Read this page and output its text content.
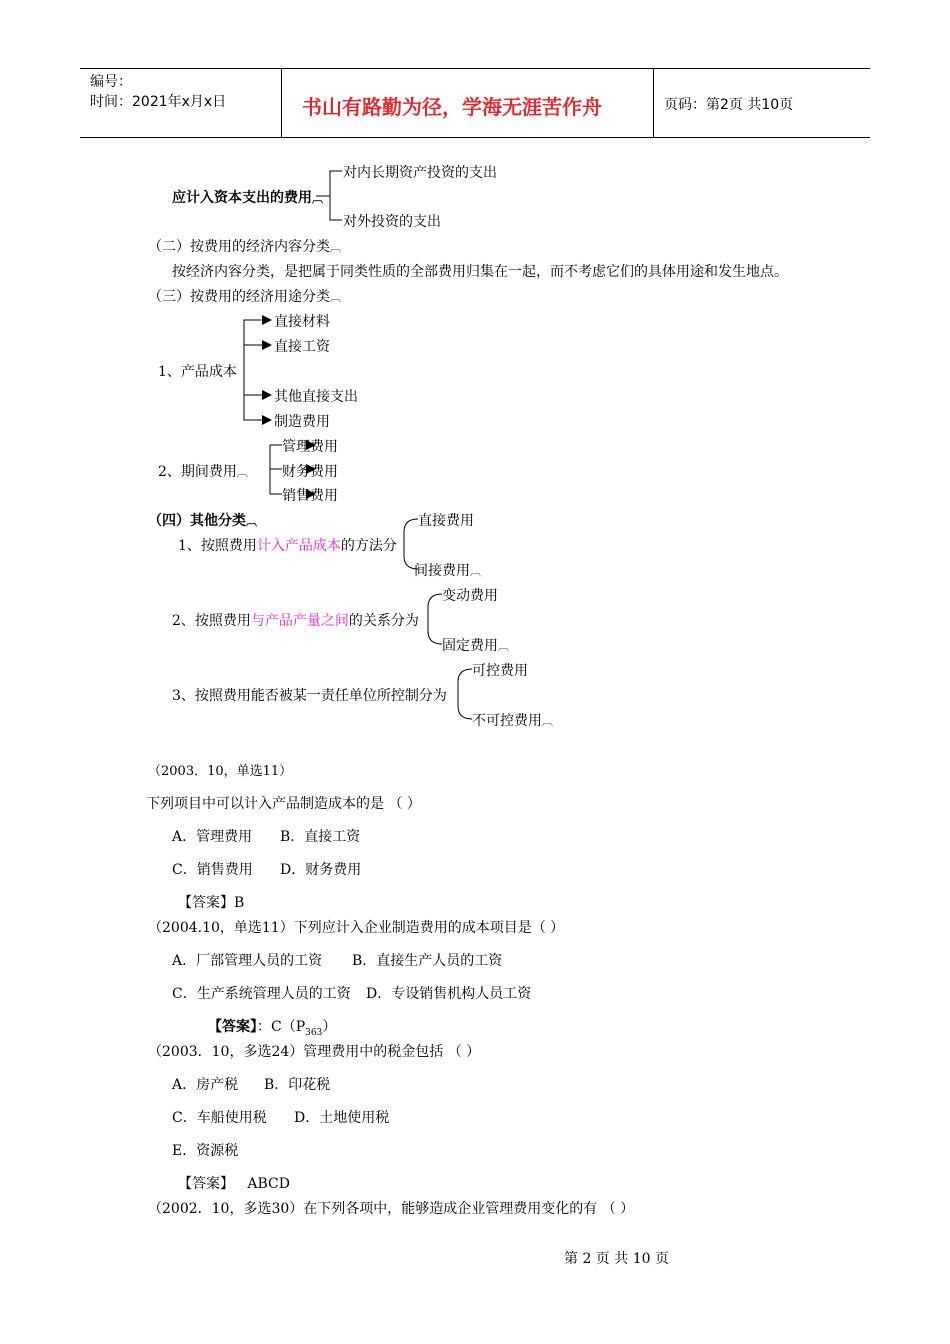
编号：
时间：2021年x月x日	书山有路勤为径，学海无涯苦作舟	页码：第2页 共10页
对内长期资产投资的支出
应计入资本支出的费用︹
对外投资的支出
（二）按费用的经济内容分类︹
按经济内容分类，是把属于同类性质的全部费用归集在一起，而不考虑它们的具体用途和发生地点。
（三）按费用的经济用途分类︹
直接材料
直接工资
1、产品成本
其他直接支出
制造费用
管理费用
2、期间费用︹ 财务费用
销售费用
（四）其他分类︹	直接费用
1、按照费用计入产品成本的方法分
间接费用︹
变动费用
2、按照费用与产品产量之间的关系分为
固定费用︹
可控费用
3、按照费用能否被某一责任单位所控制分为
不可控费用︹
（2003．10，单选11）
下列项目中可以计入产品制造成本的是 （ ）
A．管理费用 B．直接工资
C．销售费用 D．财务费用
【答案】B
（2004.10，单选11）下列应计入企业制造费用的成本项目是（ ）
A．厂部管理人员的工资 B．直接生产人员的工资
C．生产系统管理人员的工资 D．专设销售机构人员工资
【答案】：$C(P_{363})$
（2003．10，多选24）管理费用中的税金包括 （ ）
A．房产税 B．印花税
C．车船使用税 D．土地使用税
E．资源税
【答案】 ABCD
（2002．10，多选30）在下列各项中，能够造成企业管理费用变化的有 （ ）
第 2 页 共 10 页
